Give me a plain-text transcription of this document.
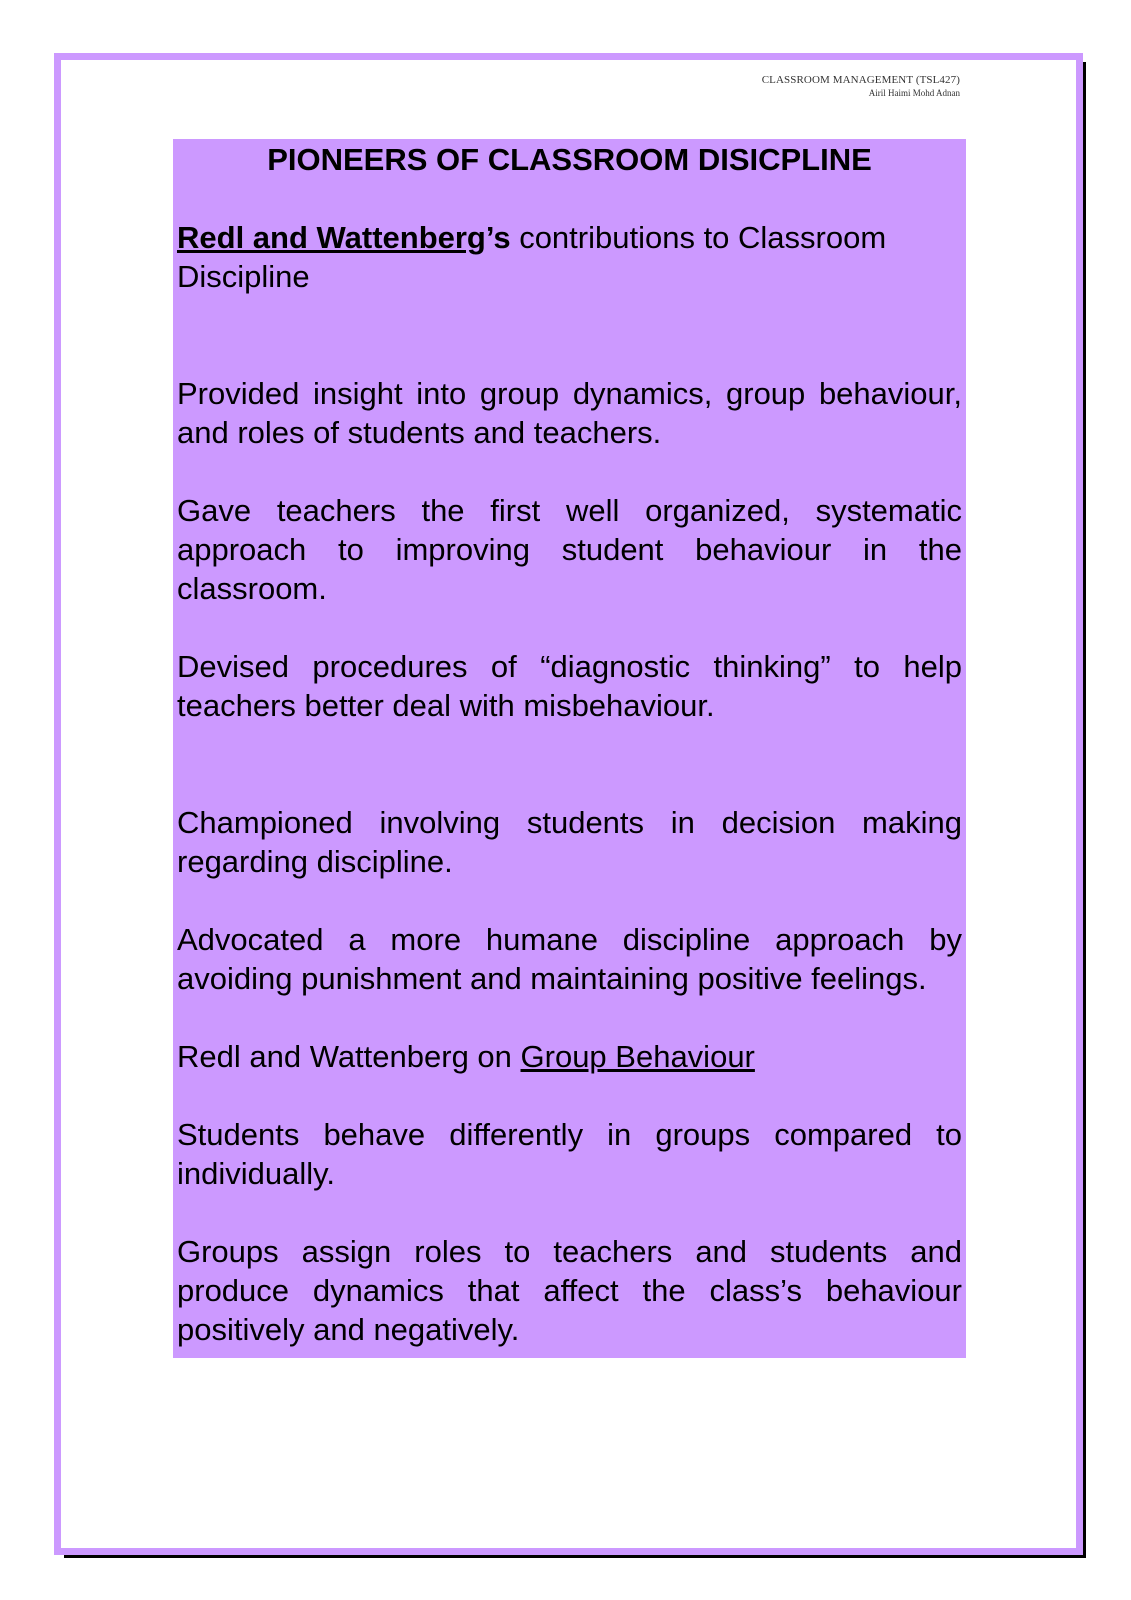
CLASSROOM MANAGEMENT (TSL427)
Airil Haimi Mohd Adnan

PIONEERS OF CLASSROOM DISICPLINE

Redl and Wattenberg’s contributions to Classroom Discipline

Provided insight into group dynamics, group behaviour, and roles of students and teachers.

Gave teachers the first well organized, systematic approach to improving student behaviour in the classroom.

Devised procedures of “diagnostic thinking” to help teachers better deal with misbehaviour.

Championed involving students in decision making regarding discipline.

Advocated a more humane discipline approach by avoiding punishment and maintaining positive feelings.

Redl and Wattenberg on Group Behaviour

Students behave differently in groups compared to individually.

Groups assign roles to teachers and students and produce dynamics that affect the class’s behaviour positively and negatively.
